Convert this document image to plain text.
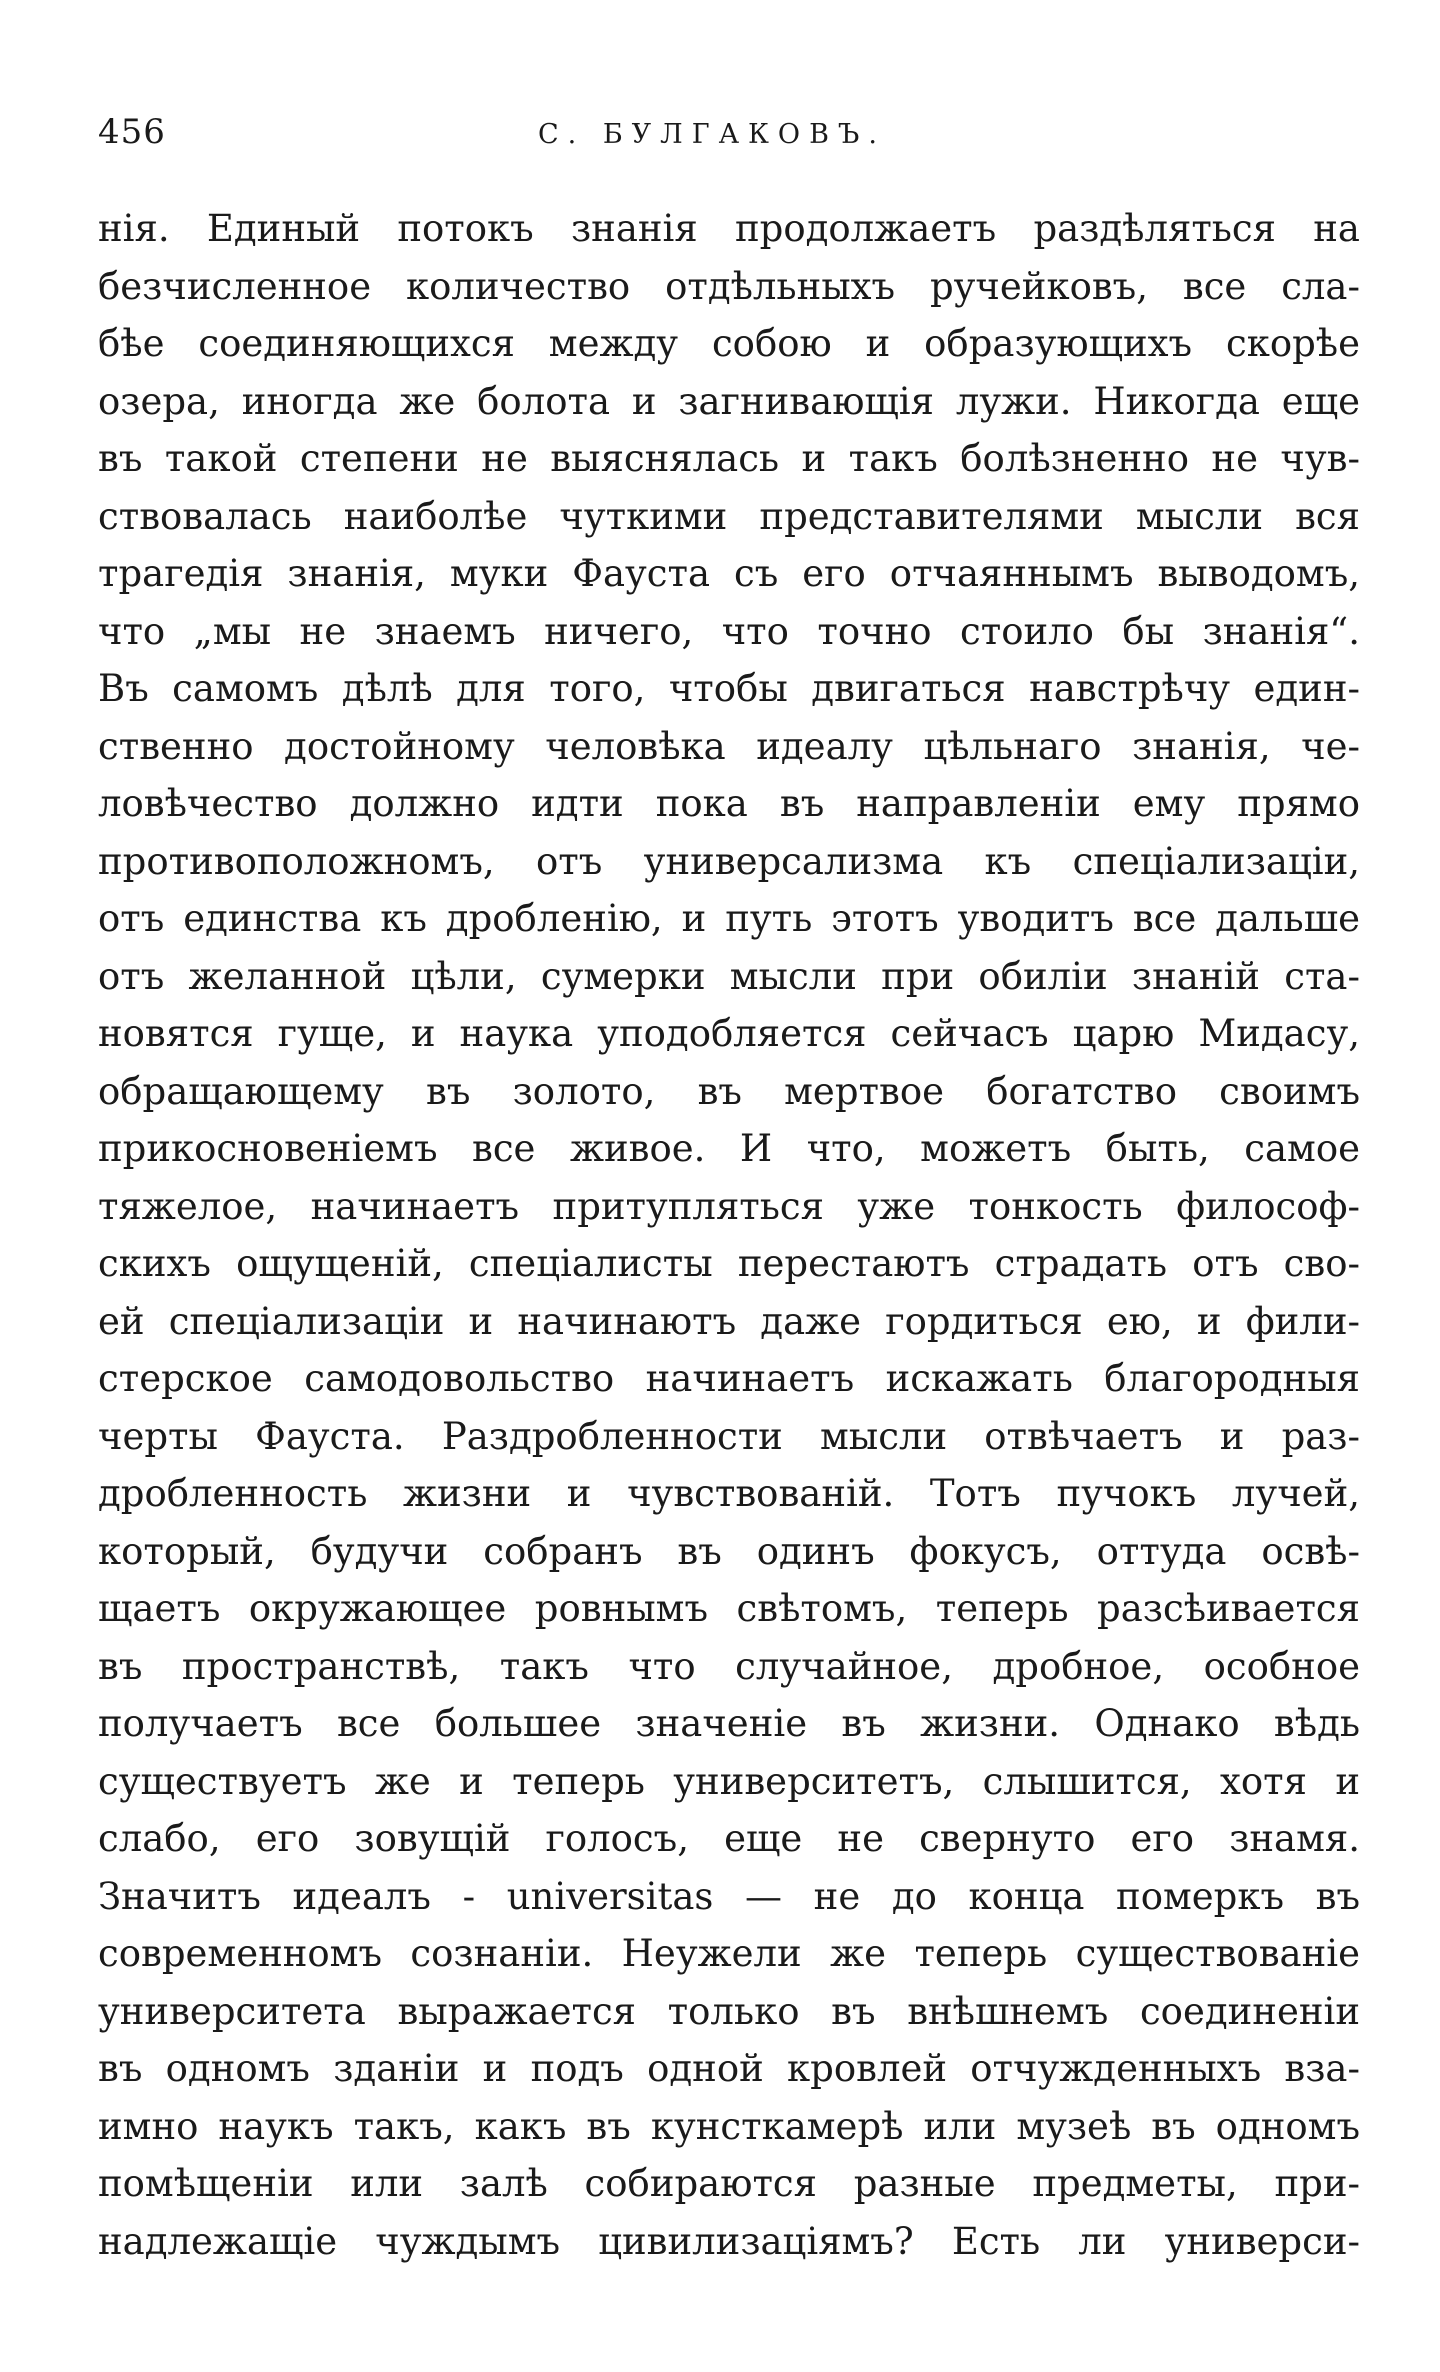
456	С. БУЛГАКОВЪ.
нія. Единый потокъ знанія продолжаетъ раздѣляться на
безчисленное количество отдѣльныхъ ручейковъ, все сла-
бѣе соединяющихся между собою и образующихъ скорѣе
озера, иногда же болота и загнивающія лужи. Никогда еще
въ такой степени не выяснялась и такъ болѣзненно не чув-
ствовалась наиболѣе чуткими представителями мысли вся
трагедія знанія, муки Фауста съ его отчаяннымъ выводомъ,
что „мы не знаемъ ничего, что точно стоило бы знанія“.
Въ самомъ дѣлѣ для того, чтобы двигаться навстрѣчу един-
ственно достойному человѣка идеалу цѣльнаго знанія, че-
ловѣчество должно идти пока въ направленіи ему прямо
противоположномъ, отъ универсализма къ спеціализаціи,
отъ единства къ дробленію, и путь этотъ уводитъ все дальше
отъ желанной цѣли, сумерки мысли при обиліи знаній ста-
новятся гуще, и наука уподобляется сейчасъ царю Мидасу,
обращающему въ золото, въ мертвое богатство своимъ
прикосновеніемъ все живое. И что, можетъ быть, самое
тяжелое, начинаетъ притупляться уже тонкость философ-
скихъ ощущеній, спеціалисты перестаютъ страдать отъ сво-
ей спеціализаціи и начинаютъ даже гордиться ею, и фили-
стерское самодовольство начинаетъ искажать благородныя
черты Фауста. Раздробленности мысли отвѣчаетъ и раз-
дробленность жизни и чувствованій. Тотъ пучокъ лучей,
который, будучи собранъ въ одинъ фокусъ, оттуда освѣ-
щаетъ окружающее ровнымъ свѣтомъ, теперь разсѣивается
въ пространствѣ, такъ что случайное, дробное, особное
получаетъ все большее значеніе въ жизни. Однако вѣдь
существуетъ же и теперь университетъ, слышится, хотя и
слабо, его зовущій голосъ, еще не свернуто его знамя.
Значитъ идеалъ - universitas — не до конца померкъ въ
современномъ сознаніи. Неужели же теперь существованіе
университета выражается только въ внѣшнемъ соединеніи
въ одномъ зданіи и подъ одной кровлей отчужденныхъ вза-
имно наукъ такъ, какъ въ кунсткамерѣ или музеѣ въ одномъ
помѣщеніи или залѣ собираются разные предметы, при-
надлежащіе чуждымъ цивилизаціямъ? Есть ли универси-
